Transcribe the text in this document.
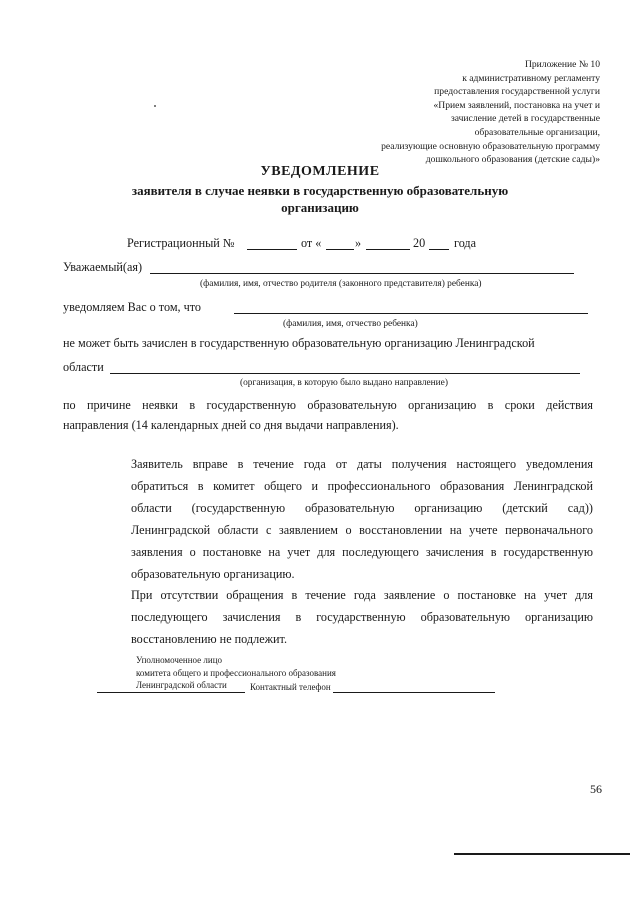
Приложение № 10
к административному регламенту
предоставления государственной услуги
«Прием заявлений, постановка на учет и
зачисление детей в государственные
образовательные организации,
реализующие основную образовательную программу
дошкольного образования (детские сады)»
УВЕДОМЛЕНИЕ
заявителя в случае неявки в государственную образовательную
организацию
Регистрационный №	от «	»	20 года
Уважаемый(ая)
(фамилия, имя, отчество родителя (законного представителя) ребенка)
уведомляем Вас о том, что
(фамилия, имя, отчество ребенка)
не может быть зачислен в государственную образовательную организацию Ленинградской
области
(организация, в которую было выдано направление)
по причине неявки в государственную образовательную организацию в сроки действия
направления (14 календарных дней со дня выдачи направления).
Заявитель вправе в течение года от даты получения настоящего уведомления
обратиться в комитет общего и профессионального образования Ленинградской
области (государственную образовательную организацию (детский сад))
Ленинградской области с заявлением о восстановлении на учете первоначального
заявления о постановке на учет для последующего зачисления в государственную
образовательную организацию.
При отсутствии обращения в течение года заявление о постановке на учет для
последующего зачисления в государственную образовательную организацию
восстановлению не подлежит.
Уполномоченное лицо
комитета общего и профессионального образования
Ленинградской области	Контактный телефон
56
